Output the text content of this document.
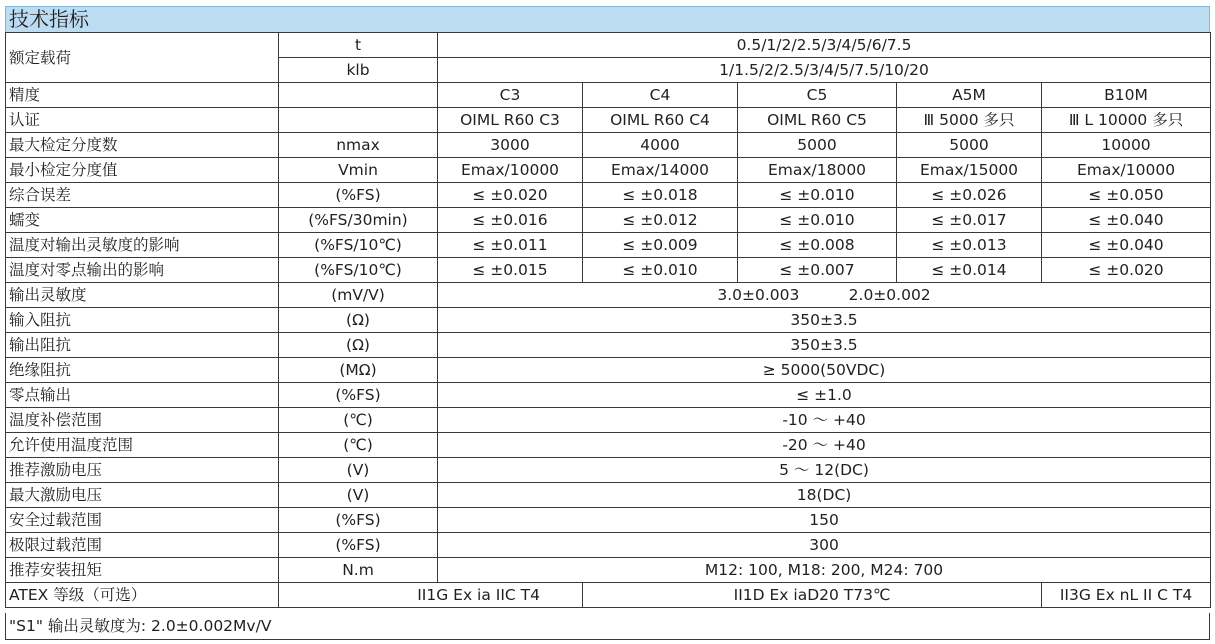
技术指标
额定载荷	t	0.5/1/2/2.5/3/4/5/6/7.5				
	klb	1/1.5/2/2.5/3/4/5/7.5/10/20				
精度		C3	C4	C5	A5M	B10M
认证		OIML R60 C3	OIML R60 C4	OIML R60 C5	Ⅲ 5000 多只	Ⅲ L 10000 多只
最大检定分度数	nmax	3000	4000	5000	5000	10000
最小检定分度值	Vmin	Emax/10000	Emax/14000	Emax/18000	Emax/15000	Emax/10000
综合误差	(%FS)	≤ ±0.020	≤ ±0.018	≤ ±0.010	≤ ±0.026	≤ ±0.050
蠕变	(%FS/30min)	≤ ±0.016	≤ ±0.012	≤ ±0.010	≤ ±0.017	≤ ±0.040
温度对输出灵敏度的影响	(%FS/10℃)	≤ ±0.011	≤ ±0.009	≤ ±0.008	≤ ±0.013	≤ ±0.040
温度对零点输出的影响	(%FS/10℃)	≤ ±0.015	≤ ±0.010	≤ ±0.007	≤ ±0.014	≤ ±0.020
输出灵敏度	(mV/V)	3.0±0.003          2.0±0.002				
输入阻抗	(Ω)	350±3.5				
输出阻抗	(Ω)	350±3.5				
绝缘阻抗	(MΩ)	≥ 5000(50VDC)				
零点输出	(%FS)	≤ ±1.0				
温度补偿范围	(℃)	-10 ～ +40				
允许使用温度范围	(℃)	-20 ～ +40				
推荐激励电压	(V)	5 ～ 12(DC)				
最大激励电压	(V)	18(DC)				
安全过载范围	(%FS)	150				
极限过载范围	(%FS)	300				
推荐安装扭矩	N.m	M12: 100, M18: 200, M24: 700				
ATEX 等级（可选）	II1G Ex ia IIC T4		II1D Ex iaD20 T73℃			II3G Ex nL II C T4
"S1" 输出灵敏度为: 2.0±0.002Mv/V
